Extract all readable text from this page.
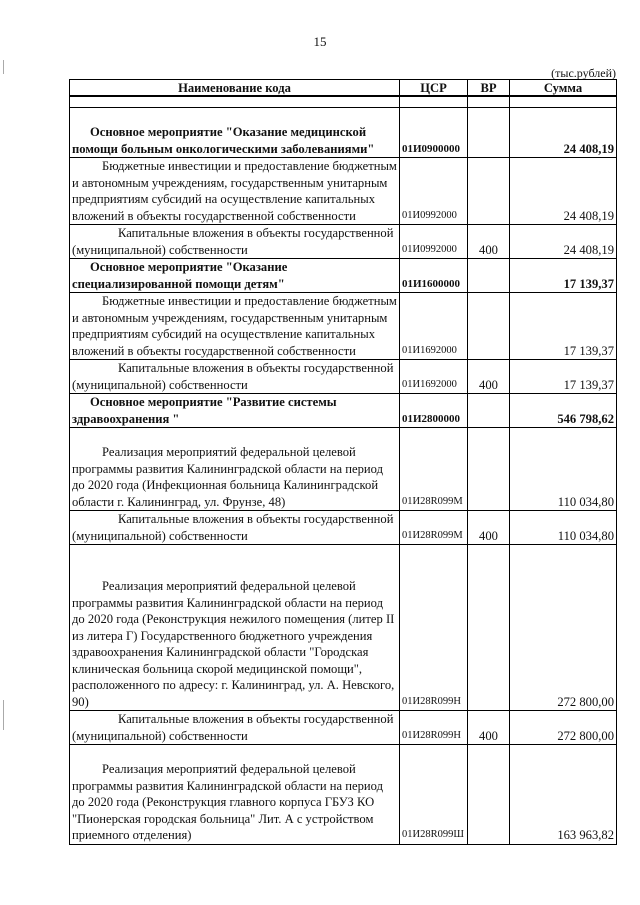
15
(тыс.рублей)
Наименование кода	ЦСР	ВР	Сумма

Основное мероприятие "Оказание медицинской помощи больным онкологическими заболеваниями"	01И0900000		24 408,19

Бюджетные инвестиции и предоставление бюджетным и автономным учреждениям, государственным унитарным предприятиям субсидий на осуществление капитальных вложений в объекты государственной собственности	01И0992000		24 408,19

Капитальные вложения в объекты государственной (муниципальной) собственности	01И0992000	400	24 408,19

Основное мероприятие "Оказание специализированной помощи детям"	01И1600000		17 139,37

Бюджетные инвестиции и предоставление бюджетным и автономным учреждениям, государственным унитарным предприятиям субсидий на осуществление капитальных вложений в объекты государственной собственности	01И1692000		17 139,37

Капитальные вложения в объекты государственной (муниципальной) собственности	01И1692000	400	17 139,37

Основное мероприятие "Развитие системы здравоохранения "	01И2800000		546 798,62

Реализация мероприятий федеральной целевой программы развития Калининградской области на период до 2020 года (Инфекционная больница Калининградской области г. Калининград, ул. Фрунзе, 48)	01И28R099M		110 034,80

Капитальные вложения в объекты государственной (муниципальной) собственности	01И28R099M	400	110 034,80

Реализация мероприятий федеральной целевой программы развития Калининградской области на период до 2020 года (Реконструкция нежилого помещения (литер II из литера Г) Государственного бюджетного учреждения здравоохранения Калининградской области "Городская клиническая больница скорой медицинской помощи", расположенного по адресу: г. Калининград, ул. А. Невского, 90)	01И28R099H		272 800,00

Капитальные вложения в объекты государственной (муниципальной) собственности	01И28R099H	400	272 800,00

Реализация мероприятий федеральной целевой программы развития Калининградской области на период до 2020 года (Реконструкция главного корпуса ГБУЗ КО "Пионерская городская больница" Лит. А с устройством приемного отделения)	01И28R099Ш		163 963,82
